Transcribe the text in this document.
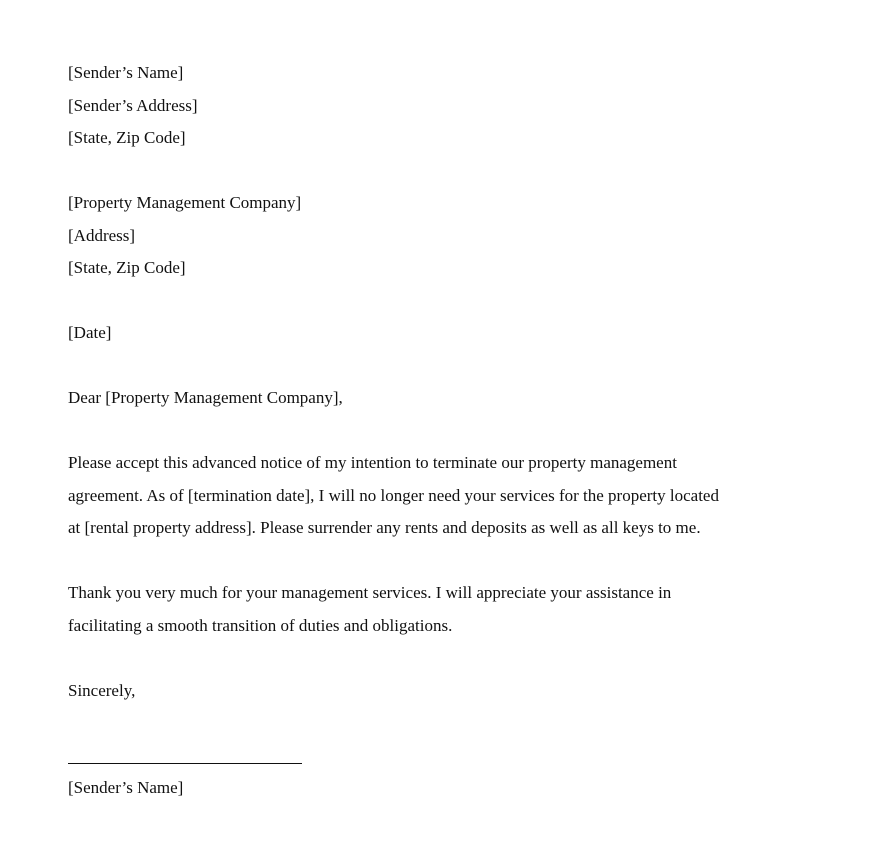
[Sender’s Name]

[Sender’s Address]

[State, Zip Code]

[Property Management Company]

[Address]

[State, Zip Code]

[Date]

Dear [Property Management Company],

Please accept this advanced notice of my intention to terminate our property management

agreement. As of [termination date], I will no longer need your services for the property located

at [rental property address]. Please surrender any rents and deposits as well as all keys to me.

Thank you very much for your management services. I will appreciate your assistance in

facilitating a smooth transition of duties and obligations.

Sincerely,

[Sender’s Name]
